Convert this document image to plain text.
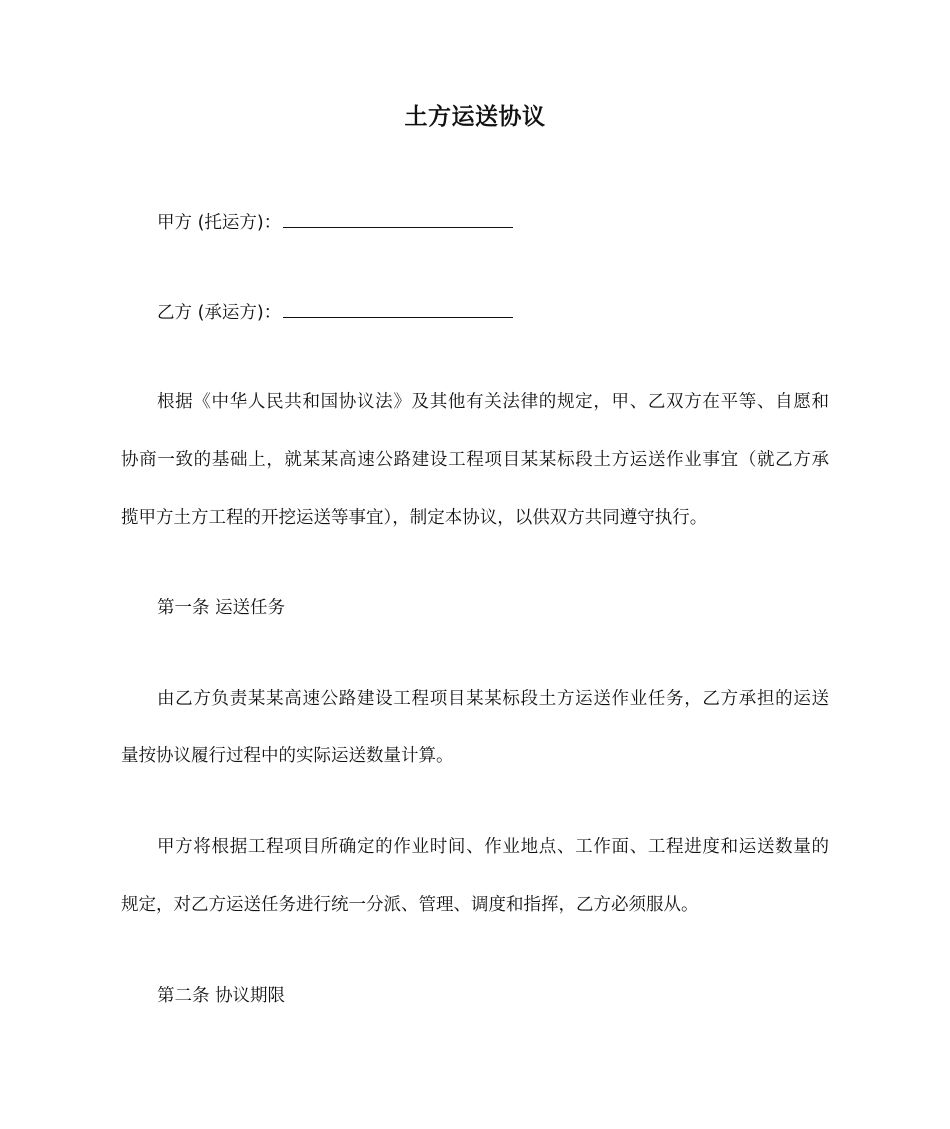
土方运送协议
甲方 (托运方)：
乙方 (承运方)：
根据《中华人民共和国协议法》及其他有关法律的规定，甲、乙双方在平等、自愿和
协商一致的基础上，就某某高速公路建设工程项目某某标段土方运送作业事宜（就乙方承
揽甲方土方工程的开挖运送等事宜），制定本协议，以供双方共同遵守执行。
第一条 运送任务
由乙方负责某某高速公路建设工程项目某某标段土方运送作业任务，乙方承担的运送
量按协议履行过程中的实际运送数量计算。
甲方将根据工程项目所确定的作业时间、作业地点、工作面、工程进度和运送数量的
规定，对乙方运送任务进行统一分派、管理、调度和指挥，乙方必须服从。
第二条 协议期限
